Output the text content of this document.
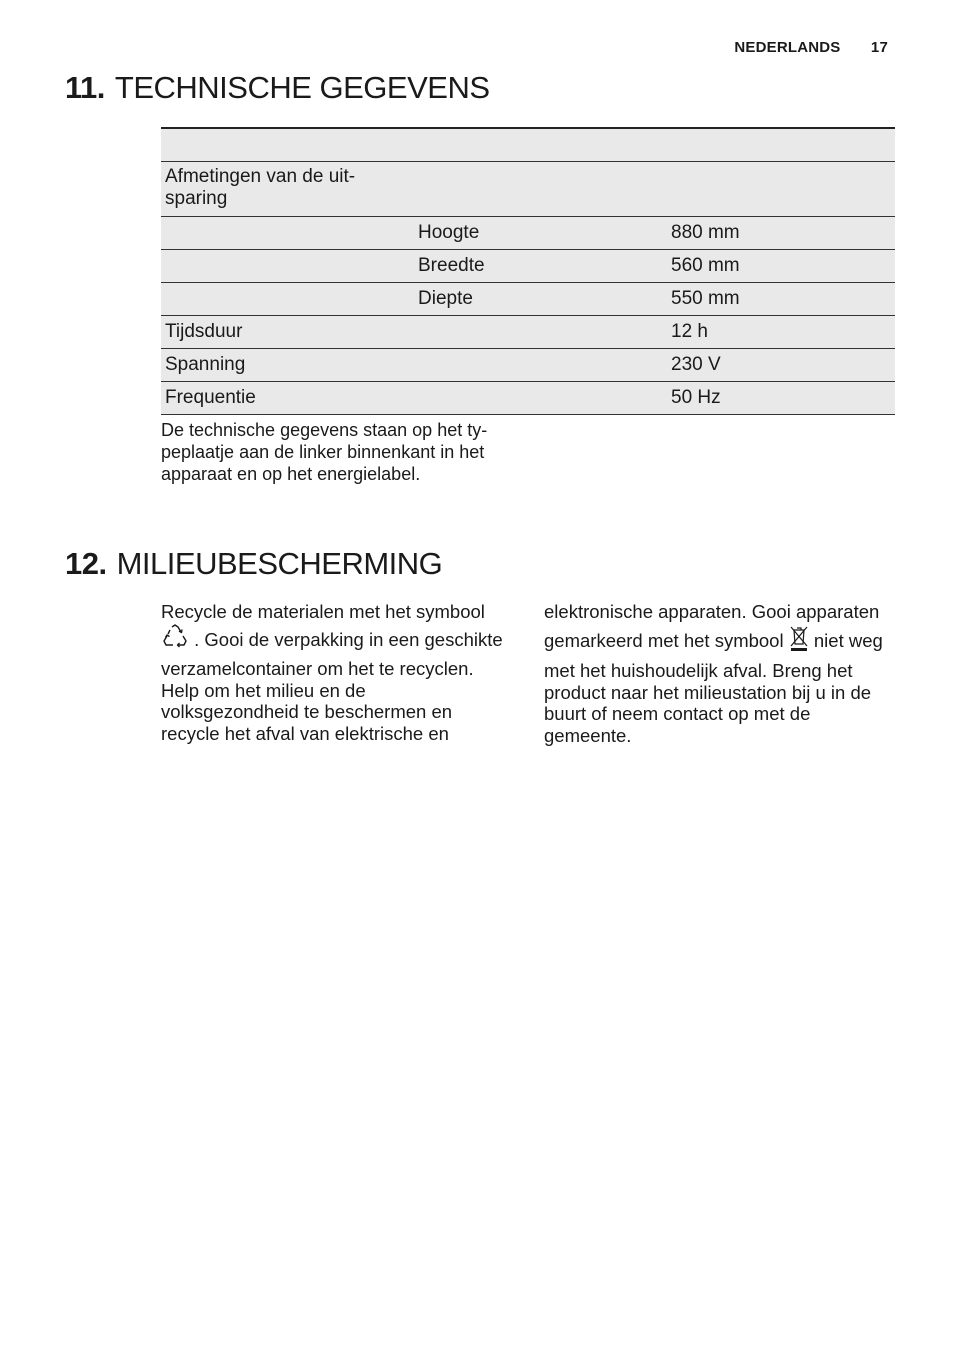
NEDERLANDS 17
11. TECHNISCHE GEGEVENS

Afmetingen van de uit-
sparing		
	Hoogte	880 mm
	Breedte	560 mm
	Diepte	550 mm
Tijdsduur		12 h
Spanning		230 V
Frequentie		50 Hz
De technische gegevens staan op het ty-
peplaatje aan de linker binnenkant in het
apparaat en op het energielabel.
12. MILIEUBESCHERMING

Recycle de materialen met het symbool

. Gooi de verpakking in een geschikte

verzamelcontainer om het te recyclen.
Help om het milieu en de
volksgezondheid te beschermen en
recycle het afval van elektrische en

elektronische apparaten. Gooi apparaten

gemarkeerd met het symbool niet weg

met het huishoudelijk afval. Breng het
product naar het milieustation bij u in de
buurt of neem contact op met de
gemeente.
